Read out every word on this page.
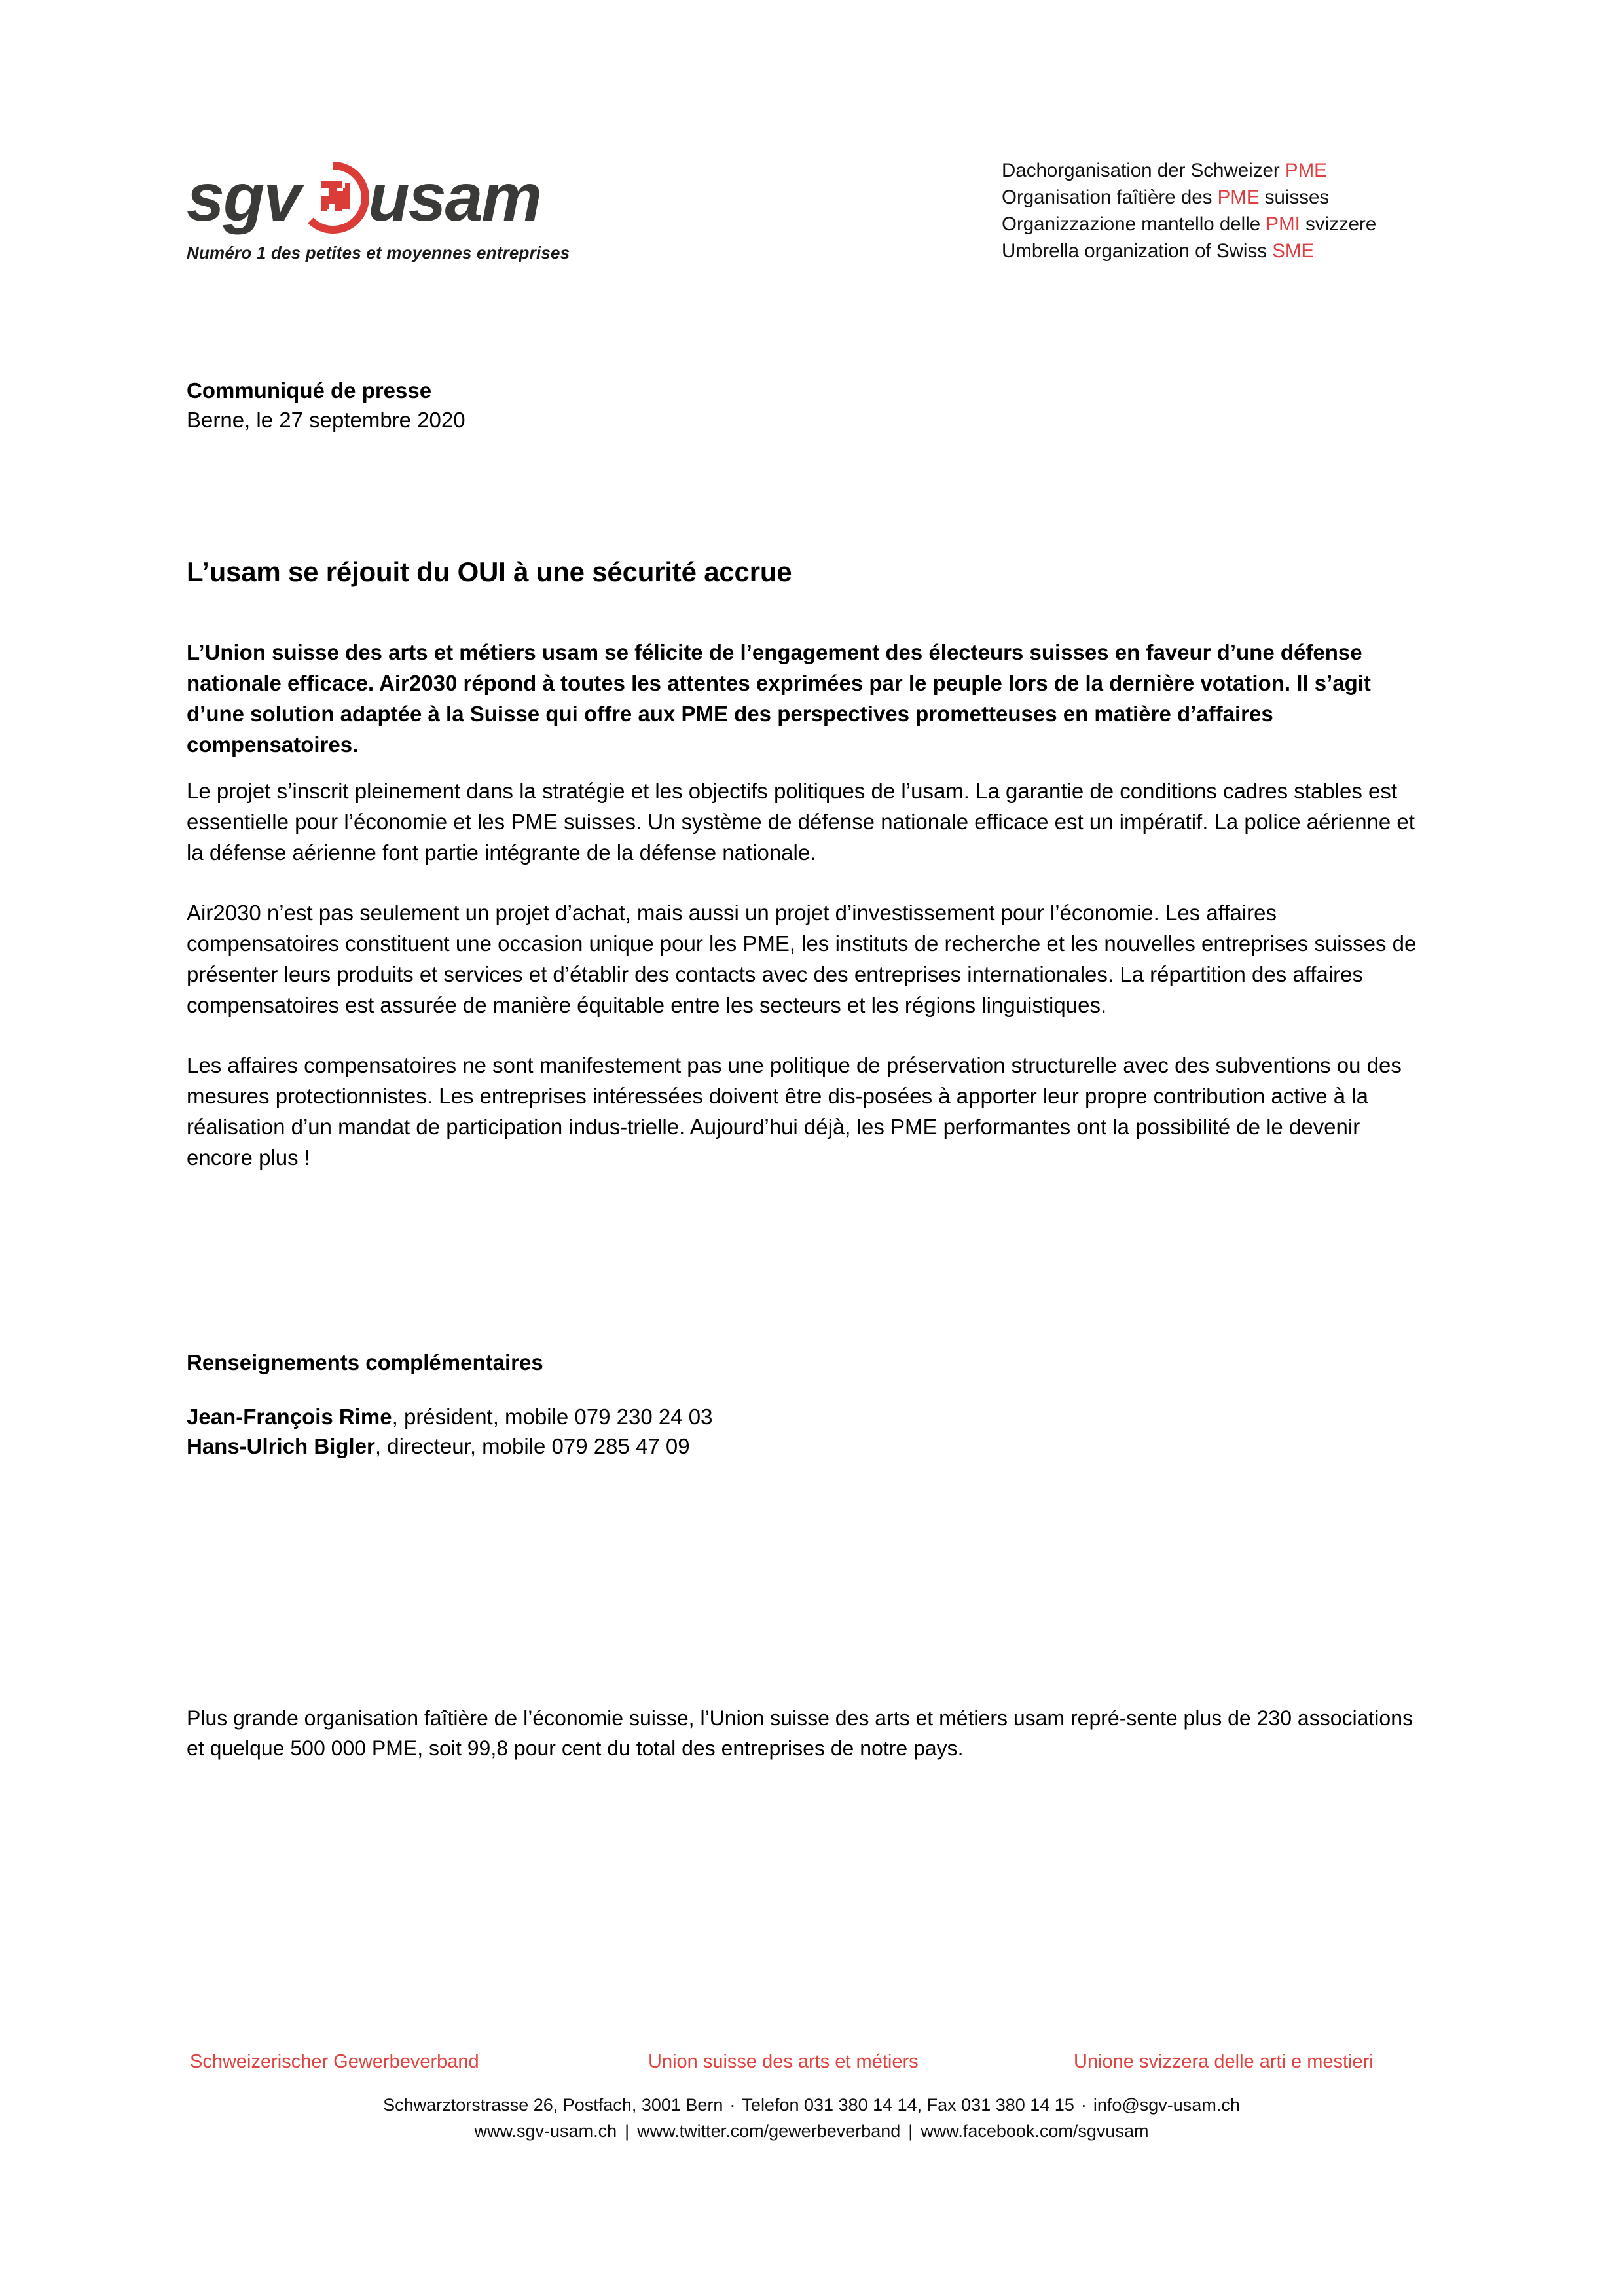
sgv usam
Numéro 1 des petites et moyennes entreprises
Dachorganisation der Schweizer PME
Organisation faîtière des PME suisses
Organizzazione mantello delle PMI svizzere
Umbrella organization of Swiss SME
Communiqué de presse
Berne, le 27 septembre 2020
L’usam se réjouit du OUI à une sécurité accrue

L’Union suisse des arts et métiers usam se félicite de l’engagement des électeurs suisses en faveur d’une défense nationale efficace. Air2030 répond à toutes les attentes exprimées par le peuple lors de la dernière votation. Il s’agit d’une solution adaptée à la Suisse qui offre aux PME des perspectives prometteuses en matière d’affaires compensatoires.

Le projet s’inscrit pleinement dans la stratégie et les objectifs politiques de l’usam. La garantie de conditions cadres stables est essentielle pour l’économie et les PME suisses. Un système de défense nationale efficace est un impératif. La police aérienne et la défense aérienne font partie intégrante de la défense nationale.

Air2030 n’est pas seulement un projet d’achat, mais aussi un projet d’investissement pour l’économie. Les affaires compensatoires constituent une occasion unique pour les PME, les instituts de recherche et les nouvelles entreprises suisses de présenter leurs produits et services et d’établir des contacts avec des entreprises internationales. La répartition des affaires compensatoires est assurée de manière équitable entre les secteurs et les régions linguistiques.

Les affaires compensatoires ne sont manifestement pas une politique de préservation structurelle avec des subventions ou des mesures protectionnistes. Les entreprises intéressées doivent être dis-posées à apporter leur propre contribution active à la réalisation d’un mandat de participation indus-trielle. Aujourd’hui déjà, les PME performantes ont la possibilité de le devenir encore plus !

Renseignements complémentaires
Jean-François Rime, président, mobile 079 230 24 03
Hans-Ulrich Bigler, directeur, mobile 079 285 47 09

Plus grande organisation faîtière de l’économie suisse, l’Union suisse des arts et métiers usam repré-sente plus de 230 associations et quelque 500 000 PME, soit 99,8 pour cent du total des entreprises de notre pays.

Schweizerischer Gewerbeverband	Union suisse des arts et métiers	Unione svizzera delle arti e mestieri
Schwarztorstrasse 26, Postfach, 3001 Bern · Telefon 031 380 14 14, Fax 031 380 14 15 · info@sgv-usam.ch
www.sgv-usam.ch | www.twitter.com/gewerbeverband | www.facebook.com/sgvusam
